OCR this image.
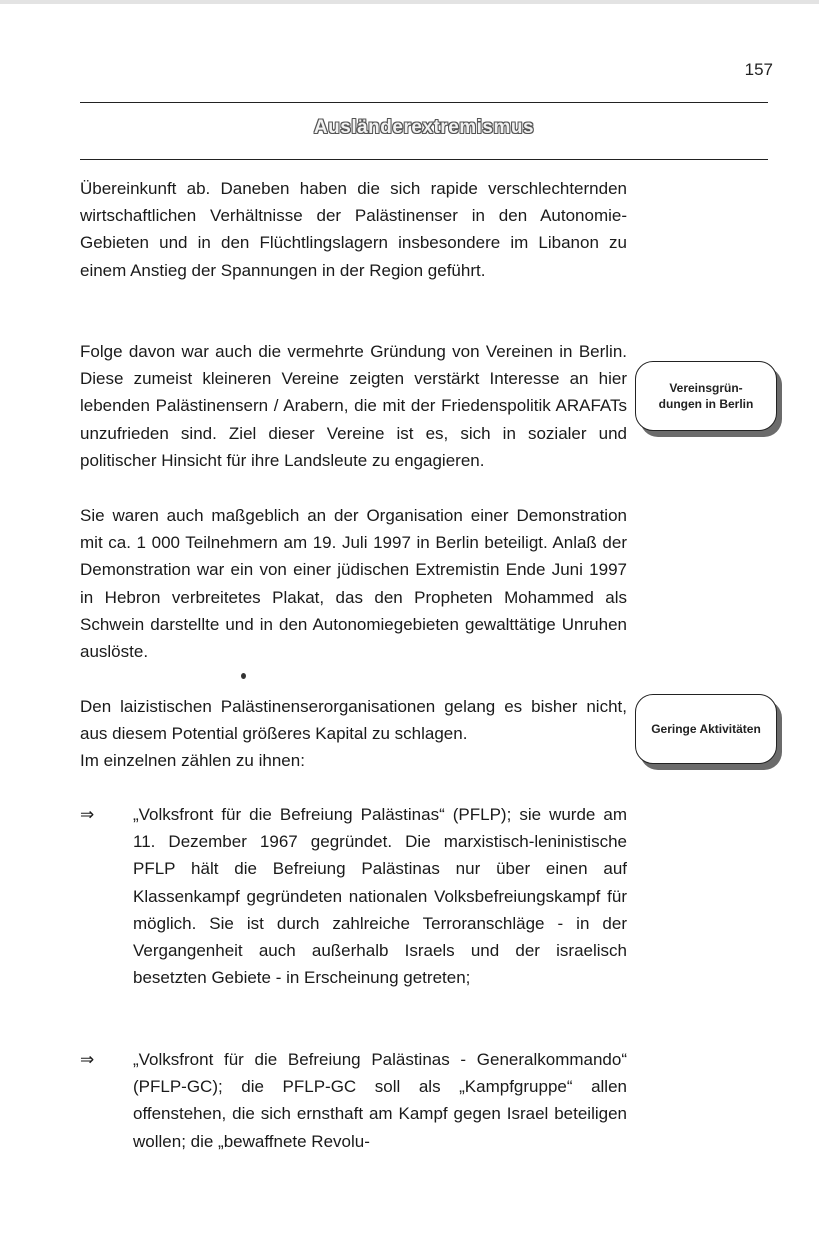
157
Ausländerextremismus

Übereinkunft ab. Daneben haben die sich rapide verschlechternden wirtschaftlichen Verhältnisse der Palästinenser in den Autonomie-Gebieten und in den Flüchtlingslagern insbesondere im Libanon zu einem Anstieg der Spannungen in der Region geführt.

Folge davon war auch die vermehrte Gründung von Vereinen in Berlin. Diese zumeist kleineren Vereine zeigten verstärkt Interesse an hier lebenden Palästinensern / Arabern, die mit der Friedenspolitik ARAFATs unzufrieden sind. Ziel dieser Vereine ist es, sich in sozialer und politischer Hinsicht für ihre Landsleute zu engagieren.

Sie waren auch maßgeblich an der Organisation einer Demonstration mit ca. 1 000 Teilnehmern am 19. Juli 1997 in Berlin beteiligt. Anlaß der Demonstration war ein von einer jüdischen Extremistin Ende Juni 1997 in Hebron verbreitetes Plakat, das den Propheten Mohammed als Schwein darstellte und in den Autonomiegebieten gewalttätige Unruhen auslöste.

Den laizistischen Palästinenserorganisationen gelang es bisher nicht, aus diesem Potential größeres Kapital zu schlagen.

Im einzelnen zählen zu ihnen:

⇒ „Volksfront für die Befreiung Palästinas“ (PFLP); sie wurde am 11. Dezember 1967 gegründet. Die marxistisch-leninistische PFLP hält die Befreiung Palästinas nur über einen auf Klassenkampf gegründeten nationalen Volksbefreiungskampf für möglich. Sie ist durch zahlreiche Terroranschläge - in der Vergangenheit auch außerhalb Israels und der israelisch besetzten Gebiete - in Erscheinung getreten;

⇒ „Volksfront für die Befreiung Palästinas - Generalkommando“ (PFLP-GC); die PFLP-GC soll als „Kampfgruppe“ allen offenstehen, die sich ernsthaft am Kampf gegen Israel beteiligen wollen; die „bewaffnete Revolu-

Vereinsgrün-dungen in Berlin
Geringe Aktivitäten
